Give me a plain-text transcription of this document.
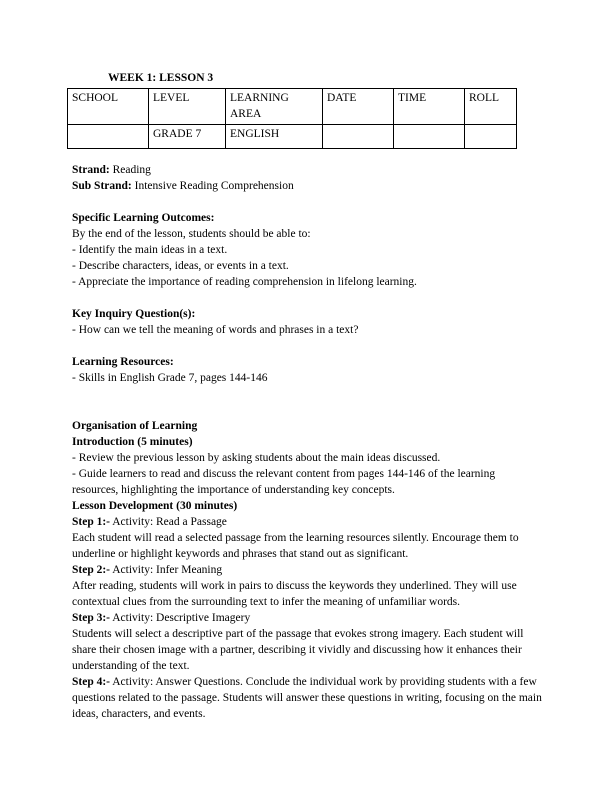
WEEK 1: LESSON 3
SCHOOL	LEVEL	LEARNING AREA	DATE	TIME	ROLL
	GRADE 7	ENGLISH			

Strand: Reading

Sub Strand: Intensive Reading Comprehension

Specific Learning Outcomes:

By the end of the lesson, students should be able to:

- Identify the main ideas in a text.

- Describe characters, ideas, or events in a text.

- Appreciate the importance of reading comprehension in lifelong learning.

Key Inquiry Question(s):

- How can we tell the meaning of words and phrases in a text?

Learning Resources:

- Skills in English Grade 7, pages 144-146

Organisation of Learning

Introduction (5 minutes)

- Review the previous lesson by asking students about the main ideas discussed.

- Guide learners to read and discuss the relevant content from pages 144-146 of the learning resources, highlighting the importance of understanding key concepts.

Lesson Development (30 minutes)

Step 1:- Activity: Read a Passage

Each student will read a selected passage from the learning resources silently. Encourage them to underline or highlight keywords and phrases that stand out as significant.

Step 2:- Activity: Infer Meaning

After reading, students will work in pairs to discuss the keywords they underlined. They will use contextual clues from the surrounding text to infer the meaning of unfamiliar words.

Step 3:- Activity: Descriptive Imagery

Students will select a descriptive part of the passage that evokes strong imagery. Each student will share their chosen image with a partner, describing it vividly and discussing how it enhances their understanding of the text.

Step 4:- Activity: Answer Questions. Conclude the individual work by providing students with a few questions related to the passage. Students will answer these questions in writing, focusing on the main ideas, characters, and events.
